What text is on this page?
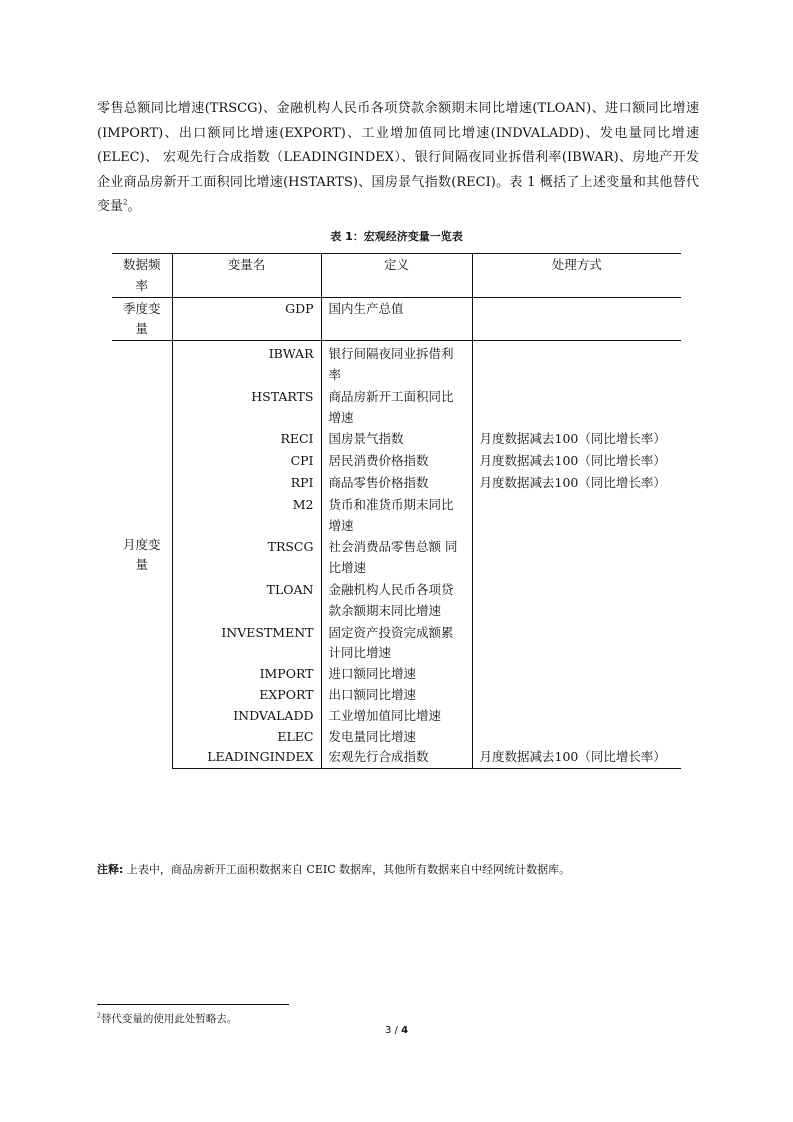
零售总额同比增速(TRSCG)、金融机构人民币各项贷款余额期末同比增速(TLOAN)、进口额同比增速(IMPORT)、出口额同比增速(EXPORT)、工业增加值同比增速(INDVALADD)、发电量同比增速(ELEC)、 宏观先行合成指数（LEADINGINDEX）、银行间隔夜同业拆借利率(IBWAR)、房地产开发企业商品房新开工面积同比增速(HSTARTS)、国房景气指数(RECI)。表 1 概括了上述变量和其他替代变量$^2$。
表 1：宏观经济变量一览表
数据频率	变量名	定义	处理方式
季度变量	GDP	国内生产总值	
月度变量	IBWAR	银行间隔夜同业拆借利率	
	HSTARTS	商品房新开工面积同比增速	
	RECI	国房景气指数	月度数据减去100（同比增长率）
	CPI	居民消费价格指数	月度数据减去100（同比增长率）
	RPI	商品零售价格指数	月度数据减去100（同比增长率）
	M2	货币和准货币期末同比增速	
	TRSCG	社会消费品零售总额 同比增速	
	TLOAN	金融机构人民币各项贷款余额期末同比增速	
	INVESTMENT	固定资产投资完成额累计同比增速	
	IMPORT	进口额同比增速	
	EXPORT	出口额同比增速	
	INDVALADD	工业增加值同比增速	
	ELEC	发电量同比增速	
	LEADINGINDEX	宏观先行合成指数	月度数据减去100（同比增长率）
注释: 上表中，商品房新开工面积数据来自 CEIC 数据库，其他所有数据来自中经网统计数据库。
$^2$替代变量的使用此处暂略去。
3 / 4
